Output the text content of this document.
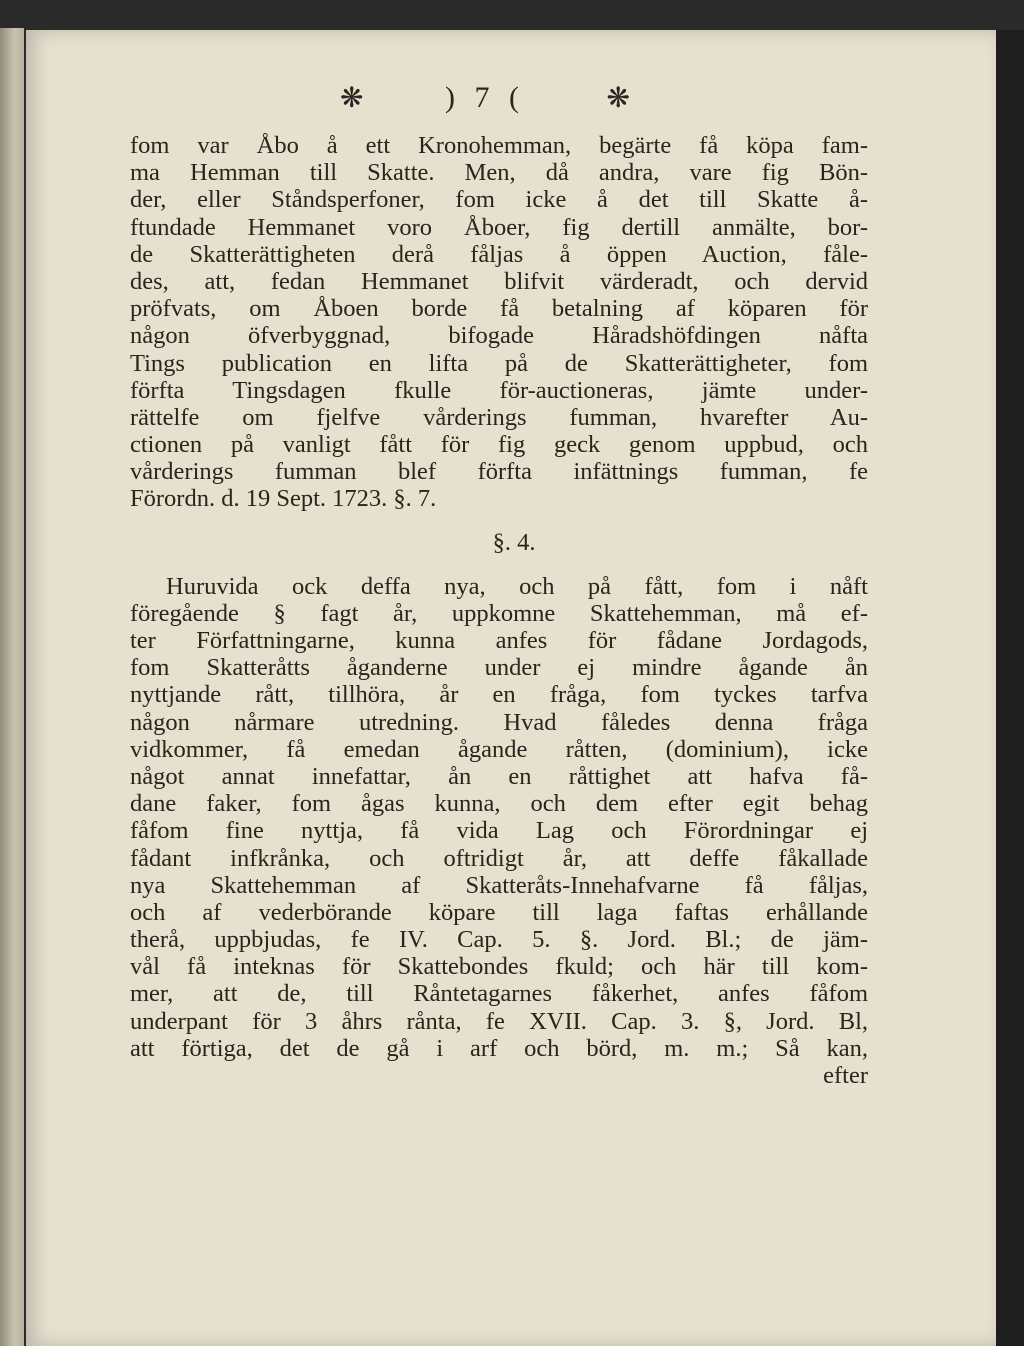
❋	) 7 (	❋
fom var Åbo å ett Kronohemman, begärte få köpa fam-
ma Hemman till Skatte. Men, då andra, vare fig Bön-
der, eller Ståndsperfoner, fom icke å det till Skatte å-
ftundade Hemmanet voro Åboer, fig dertill anmälte, bor-
de Skatterättigheten derå fåljas å öppen Auction, fåle-
des, att, fedan Hemmanet blifvit värderadt, och dervid
pröfvats, om Åboen borde få betalning af köparen för
någon öfverbyggnad, bifogade Håradshöfdingen nåfta
Tings publication en lifta på de Skatterättigheter, fom
förfta Tingsdagen fkulle för-auctioneras, jämte under-
rättelfe om fjelfve vårderings fumman, hvarefter Au-
ctionen på vanligt fått för fig geck genom uppbud, och
vårderings fumman blef förfta infättnings fumman, fe
Förordn. d. 19 Sept. 1723. §. 7.
§. 4.
Huruvida ock deffa nya, och på fått, fom i nåft
föregående § fagt år, uppkomne Skattehemman, må ef-
ter Författningarne, kunna anfes för fådane Jordagods,
fom Skatteråtts åganderne under ej mindre ågande ån
nyttjande rått, tillhöra, år en fråga, fom tyckes tarfva
någon nårmare utredning. Hvad fåledes denna fråga
vidkommer, få emedan ågande råtten, (dominium), icke
något annat innefattar, ån en råttighet att hafva få-
dane faker, fom ågas kunna, och dem efter egit behag
fåfom fine nyttja, få vida Lag och Förordningar ej
fådant infkrånka, och oftridigt år, att deffe fåkallade
nya Skattehemman af Skatteråts-Innehafvarne få fåljas,
och af vederbörande köpare till laga faftas erhållande
therå, uppbjudas, fe IV. Cap. 5. §. Jord. Bl.; de jäm-
vål få inteknas för Skattebondes fkuld; och här till kom-
mer, att de, till Råntetagarnes fåkerhet, anfes fåfom
underpant för 3 åhrs rånta, fe XVII. Cap. 3. §, Jord. Bl,
att förtiga, det de gå i arf och börd, m. m.; Så kan,
efter
